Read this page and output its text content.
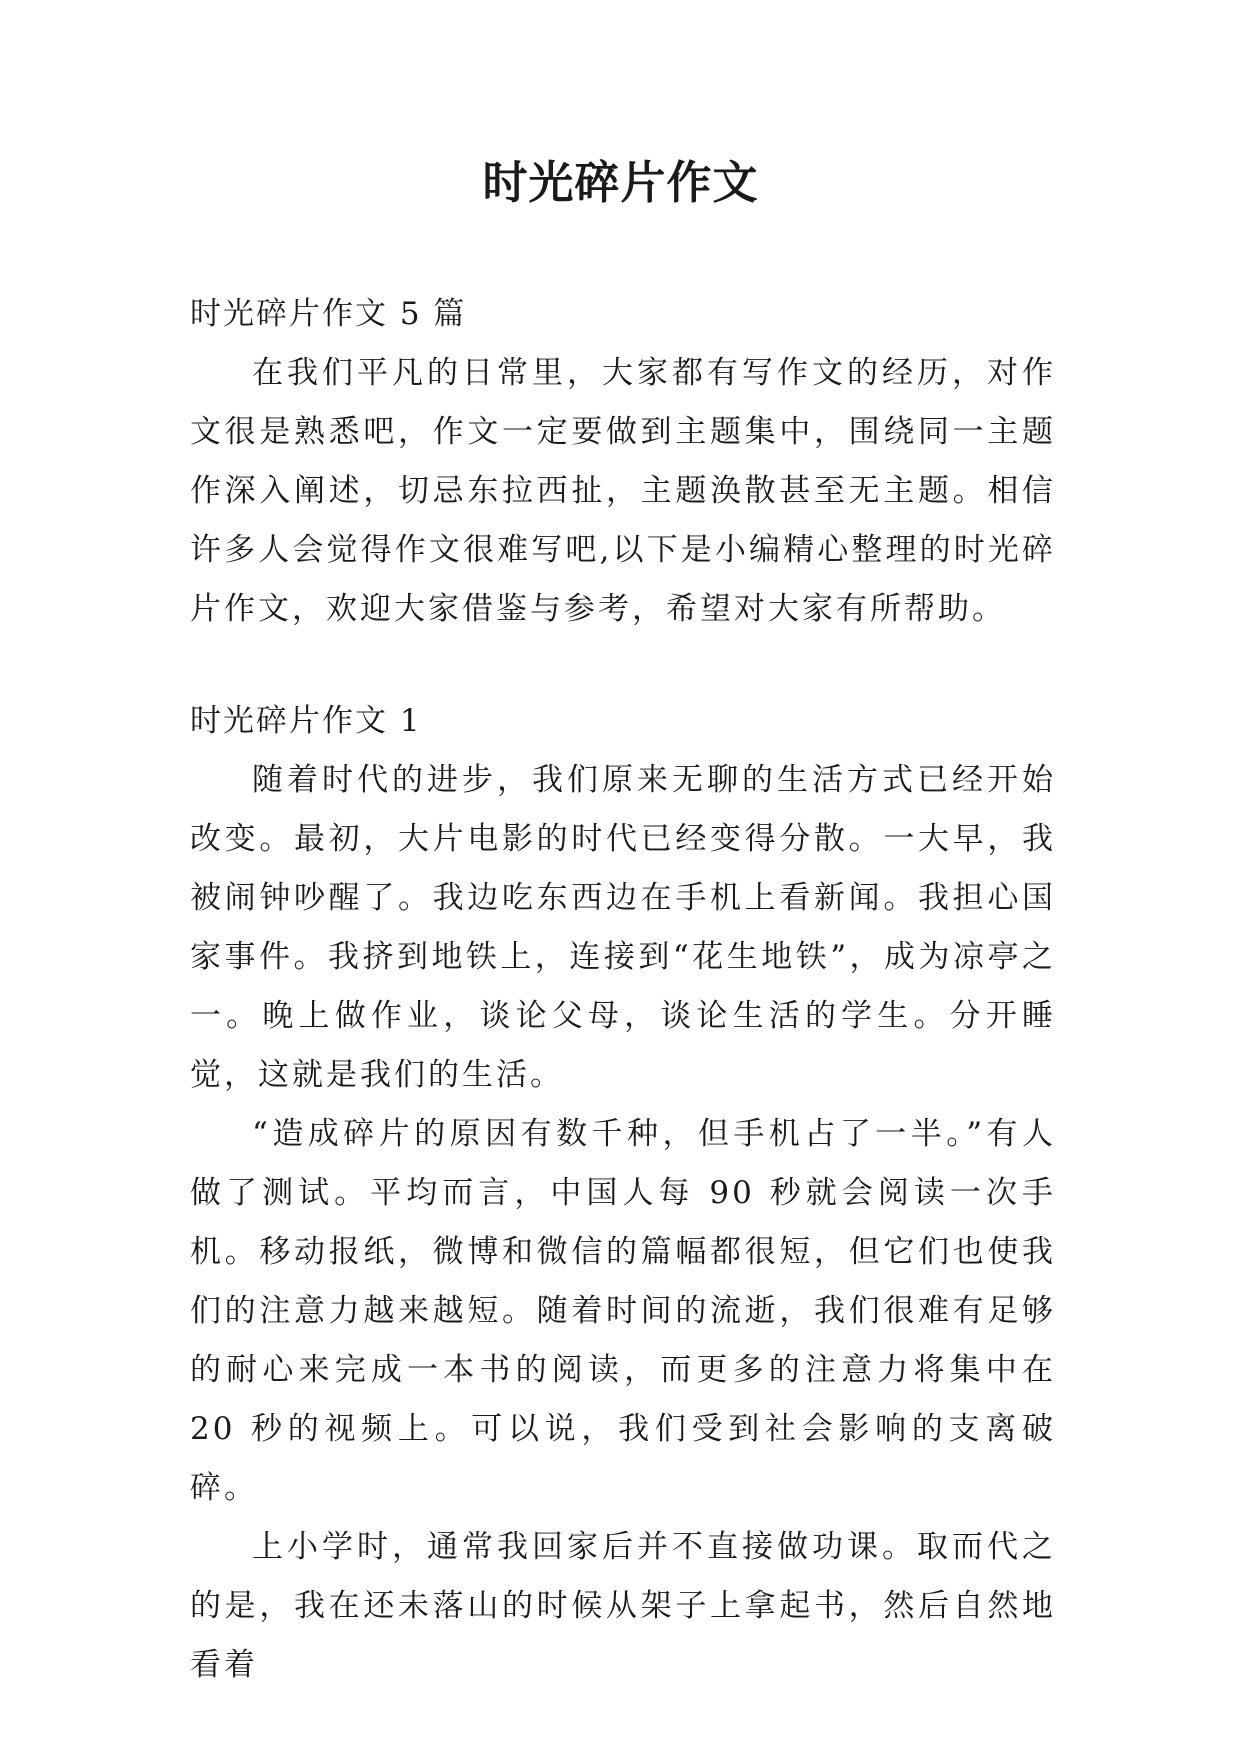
时光碎片作文

时光碎片作文 5 篇

在我们平凡的日常里，大家都有写作文的经历，对作文很是熟悉吧，作文一定要做到主题集中，围绕同一主题作深入阐述，切忌东拉西扯，主题涣散甚至无主题。相信许多人会觉得作文很难写吧,以下是小编精心整理的时光碎片作文，欢迎大家借鉴与参考，希望对大家有所帮助。

时光碎片作文 1

随着时代的进步，我们原来无聊的生活方式已经开始改变。最初，大片电影的时代已经变得分散。一大早，我被闹钟吵醒了。我边吃东西边在手机上看新闻。我担心国家事件。我挤到地铁上，连接到“花生地铁”，成为凉亭之一。晚上做作业，谈论父母，谈论生活的学生。分开睡觉，这就是我们的生活。

“造成碎片的原因有数千种，但手机占了一半。”有人做了测试。平均而言，中国人每 90 秒就会阅读一次手机。移动报纸，微博和微信的篇幅都很短，但它们也使我们的注意力越来越短。随着时间的流逝，我们很难有足够的耐心来完成一本书的阅读，而更多的注意力将集中在 20 秒的视频上。可以说，我们受到社会影响的支离破碎。

上小学时，通常我回家后并不直接做功课。取而代之的是，我在还未落山的时候从架子上拿起书，然后自然地看着
